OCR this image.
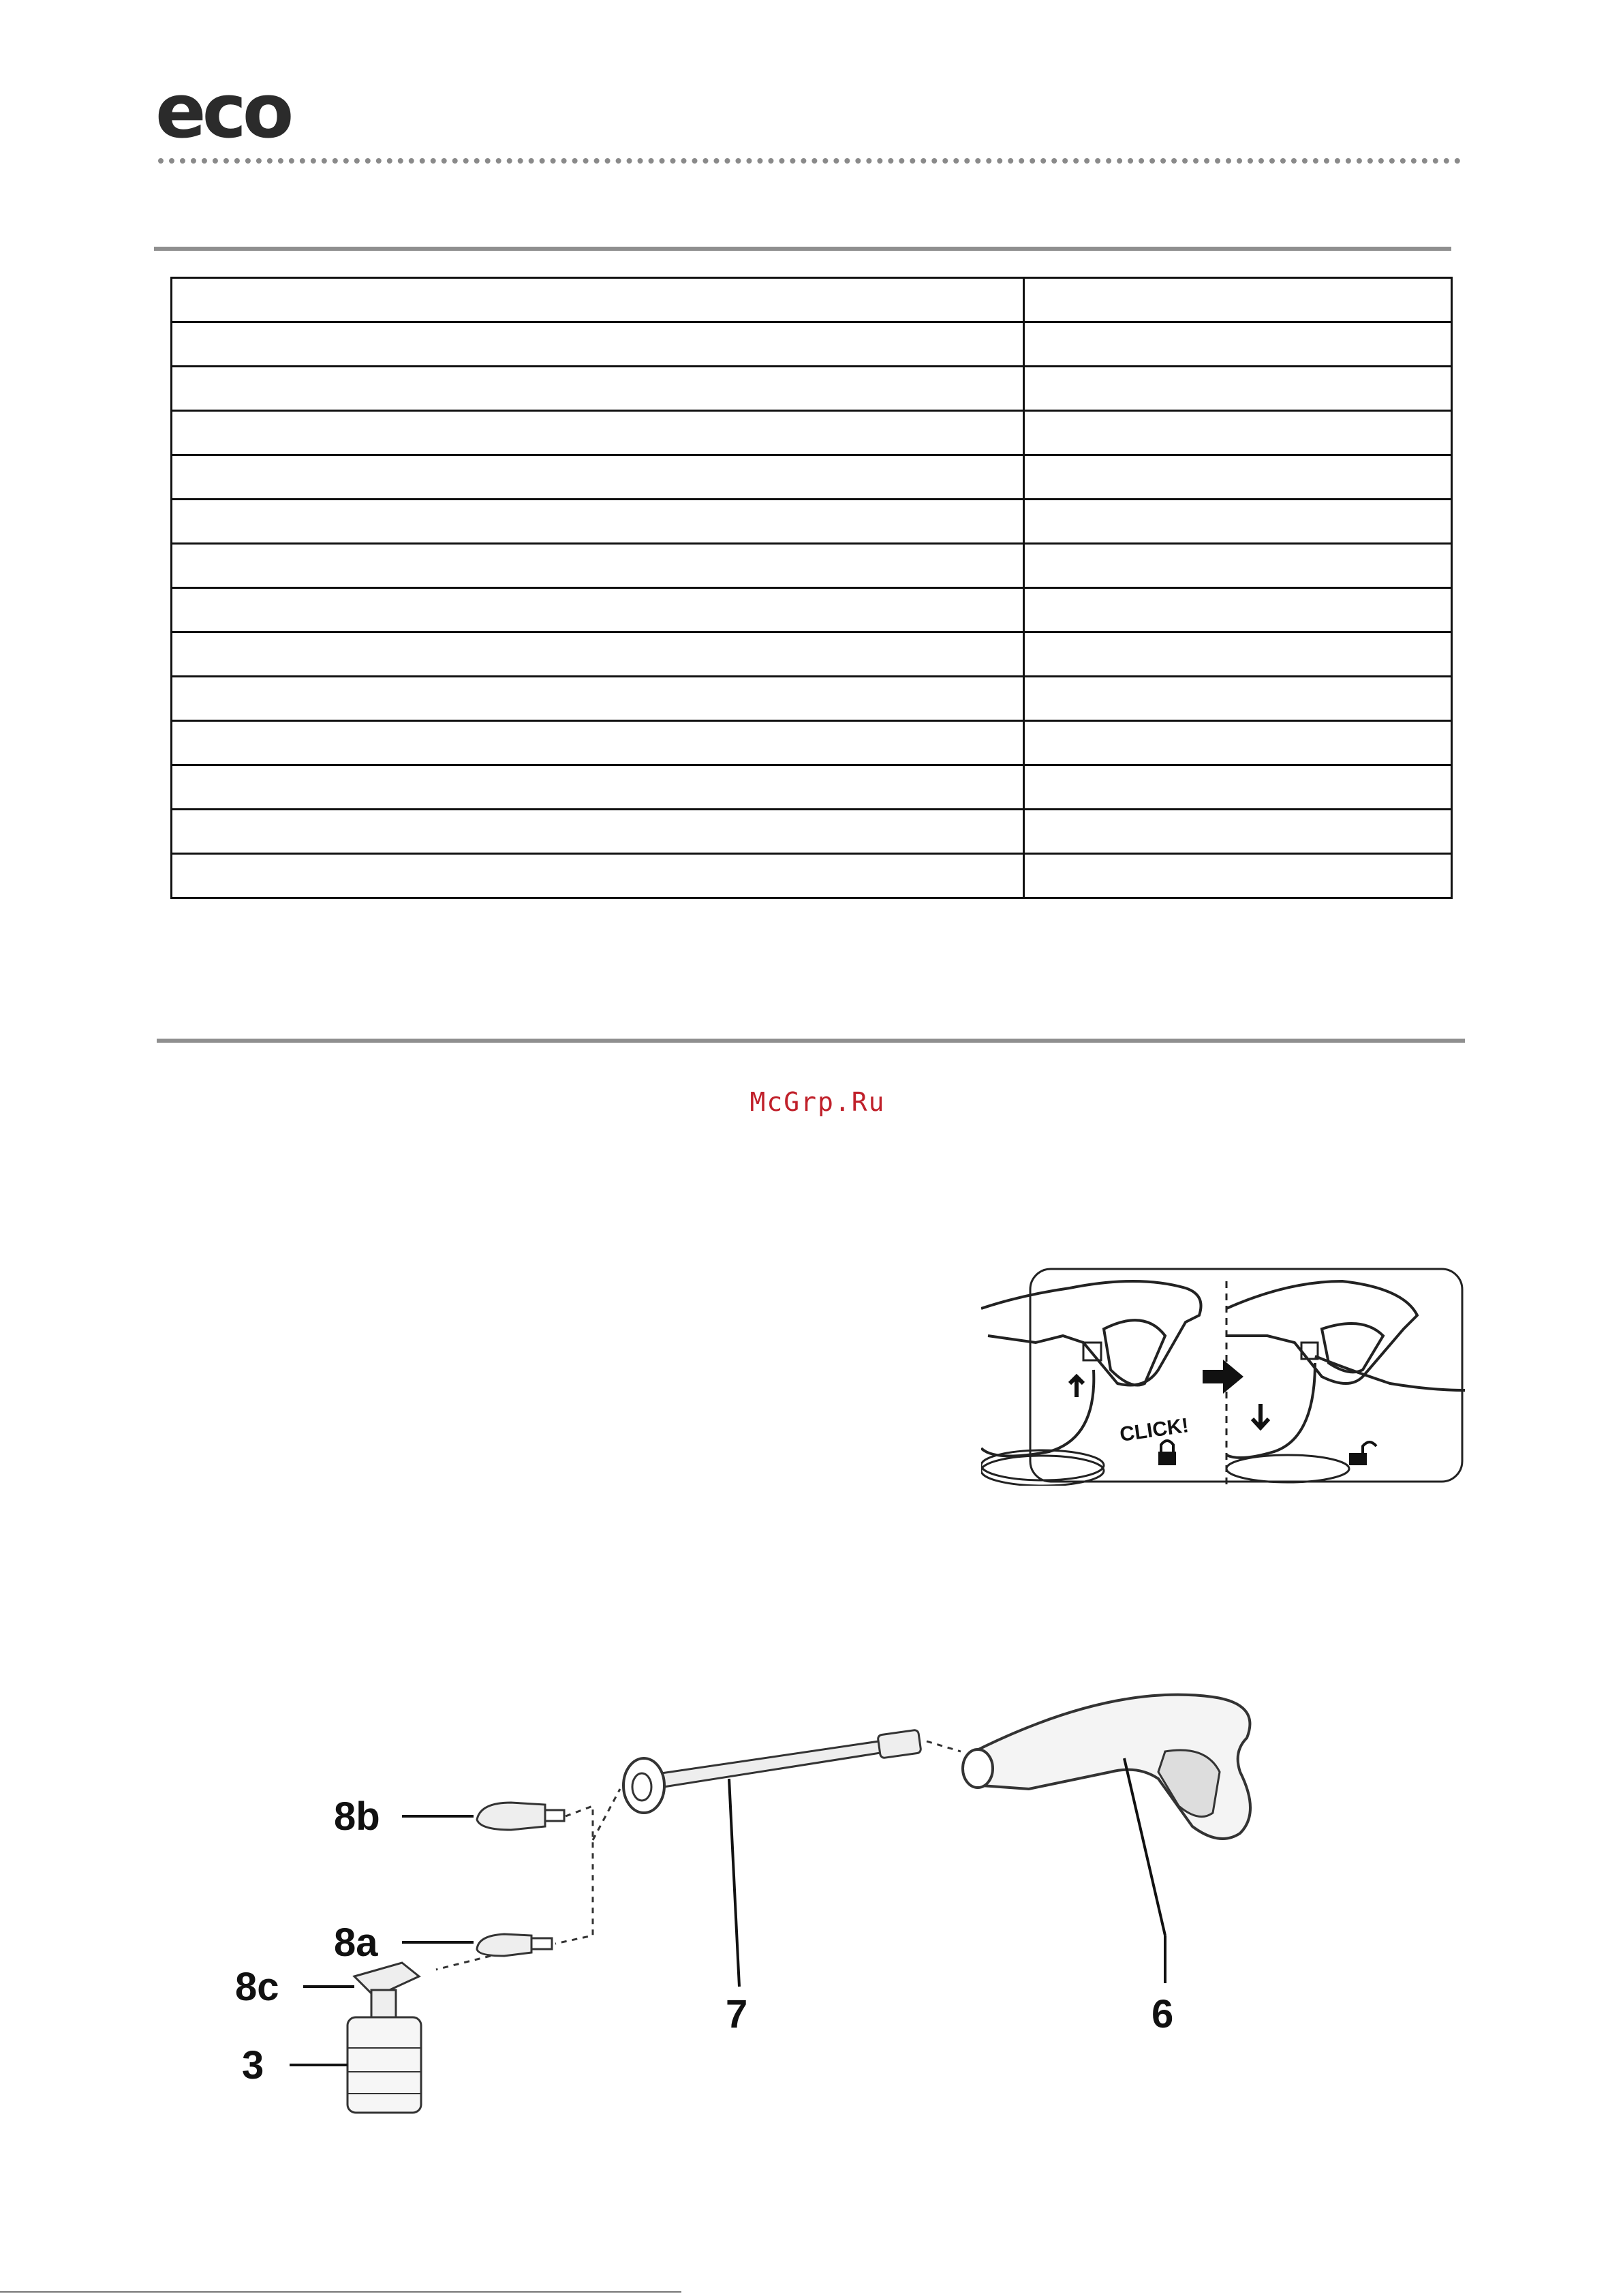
eco

McGrp.Ru
CLICK!
8b
8a
8c
3
7	6
